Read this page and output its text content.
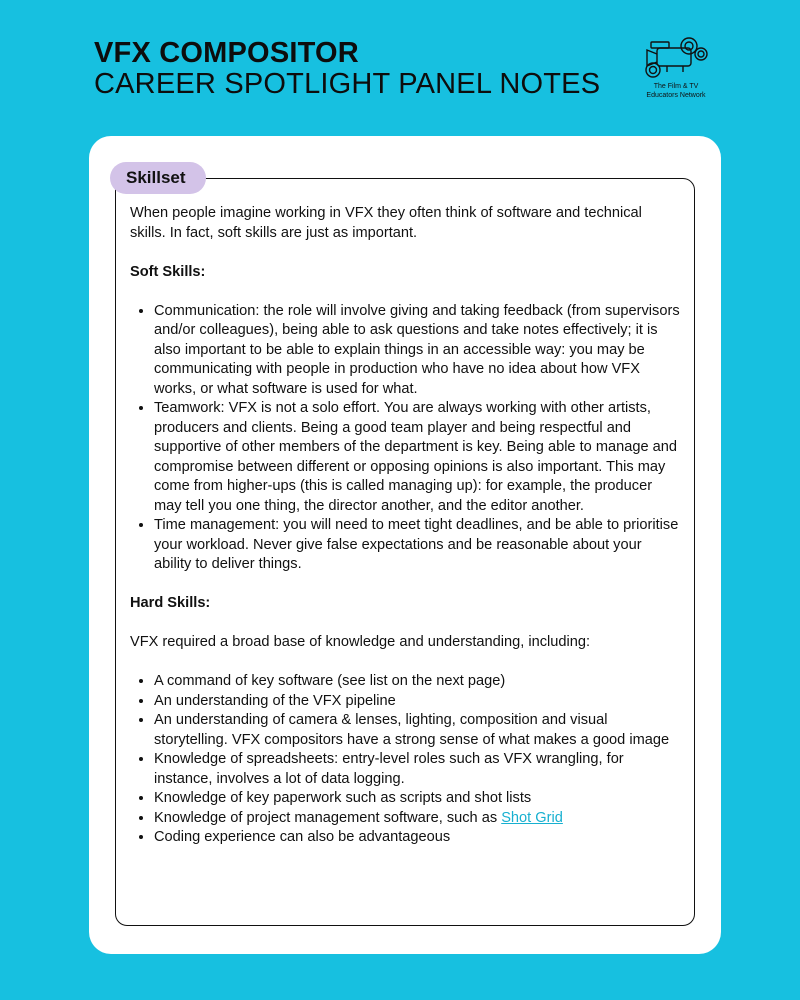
VFX COMPOSITOR
CAREER SPOTLIGHT PANEL NOTES	The Film & TV
Educators Network
Skillset

When people imagine working in VFX they often think of software and technical skills. In fact, soft skills are just as important.

Soft Skills:

• Communication: the role will involve giving and taking feedback (from supervisors and/or colleagues), being able to ask questions and take notes effectively; it is also important to be able to explain things in an accessible way: you may be communicating with people in production who have no idea about how VFX works, or what software is used for what.
• Teamwork: VFX is not a solo effort. You are always working with other artists, producers and clients. Being a good team player and being respectful and supportive of other members of the department is key. Being able to manage and compromise between different or opposing opinions is also important. This may come from higher-ups (this is called managing up): for example, the producer may tell you one thing, the director another, and the editor another.
• Time management: you will need to meet tight deadlines, and be able to prioritise your workload. Never give false expectations and be reasonable about your ability to deliver things.

Hard Skills:

VFX required a broad base of knowledge and understanding, including:

• A command of key software (see list on the next page)
• An understanding of the VFX pipeline
• An understanding of camera & lenses, lighting, composition and visual storytelling. VFX compositors have a strong sense of what makes a good image
• Knowledge of spreadsheets: entry-level roles such as VFX wrangling, for instance, involves a lot of data logging.
• Knowledge of key paperwork such as scripts and shot lists
• Knowledge of project management software, such as Shot Grid
• Coding experience can also be advantageous
